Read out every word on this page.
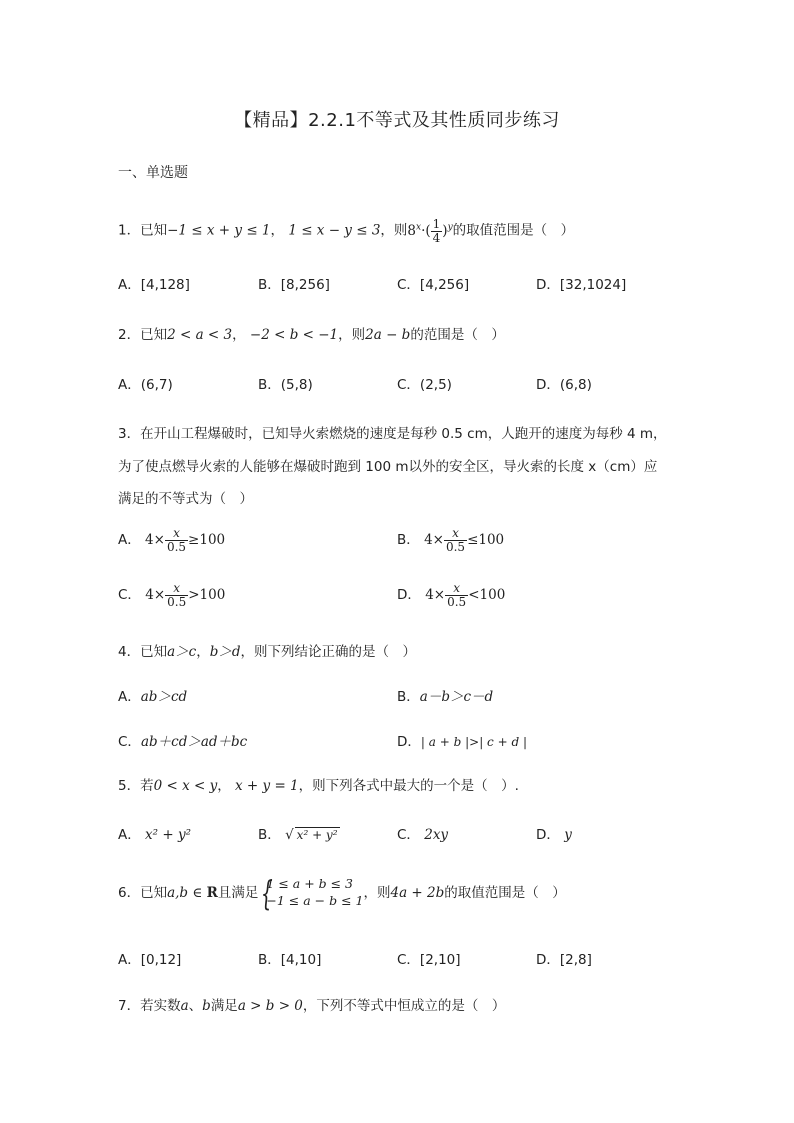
【精品】2.2.1不等式及其性质同步练习
一、单选题
1．已知−1 ≤ x + y ≤ 1， 1 ≤ x − y ≤ 3，则$8^x\cdot( \frac{1}{4} )^y$的取值范围是（　）
A．[4,128]	B．[8,256]	C．[4,256]	D．[32,1024]
2．已知2 < a < 3， −2 < b < −1，则2a − b的范围是（　）
A．(6,7)	B．(5,8)	C．(2,5)	D．(6,8)
3．在开山工程爆破时，已知导火索燃烧的速度是每秒 0.5 cm，人跑开的速度为每秒 4 m，
为了使点燃导火索的人能够在爆破时跑到 100 m以外的安全区，导火索的长度 x（cm）应
满足的不等式为（　）
A． $4\times \frac{x}{0.5} \ge 100$	B． $4\times \frac{x}{0.5} \le 100$
C． $4\times \frac{x}{0.5} >100$	D． $4\times \frac{x}{0.5} <100$
4．已知a＞c，b＞d，则下列结论正确的是（　）
A．ab＞cd	B．a－b＞c－d
C．ab＋cd＞ad＋bc	D．| a + b |>| c + d |
5．若0 < x < y， x + y = 1，则下列各式中最大的一个是（　）.
A． x² + y²	B． √ x² + y²	C． 2xy	D． y
6．已知a,b ∈ R且满足
{ 1 ≤ a + b ≤ 3
−1 ≤ a − b ≤ 1 ，则4a + 2b的取值范围是（　）
A．[0,12]	B．[4,10]	C．[2,10]	D．[2,8]
7．若实数a、b满足a > b > 0，下列不等式中恒成立的是（　）
